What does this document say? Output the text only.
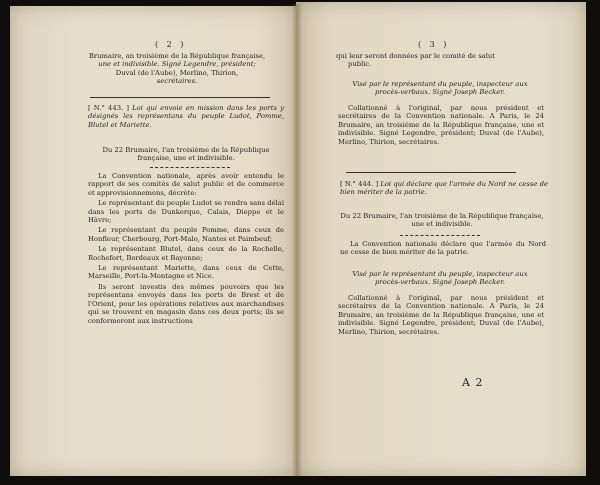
( 2 )
Brumaire, an troisième de la République française,
une et indivisible. Signé Legendre, président;
Duval (de l'Aube), Merlino, Thirion,
secrétaires.
[ N.° 443. ] Loi qui envoie en mission dans les ports y désignés les représentans du peuple Ludot, Pomme, Blutel et Mariette.
Du 22 Brumaire, l'an troisième de la République française, une et indivisible.

La Convention nationale, après avoir entendu le rapport de ses comités de salut public et de commerce et approvisionnemens, décrète:

Le représentant du peuple Ludot se rendra sans délai dans les ports de Dunkerque, Calais, Dieppe et le Hâvre;

Le représentant du peuple Pomme, dans ceux de Honfleur, Cherbourg, Port-Malo, Nantes et Paimbeuf;

Le représentant Blutel, dans ceux de la Rochelle, Rochefort, Bordeaux et Bayonne;

Le représentant Mariette, dans ceux de Cette, Marseille, Port-la-Montagne et Nice.

Ils seront investis des mêmes pouvoirs que les représentans envoyés dans les ports de Brest et de l'Orient, pour les opérations relatives aux marchandises qui se trouvent en magasin dans ces deux ports; ils se conformeront aux instructions

( 3 )
qui leur seront données par le comité de salut
public.
Visé par le représentant du peuple, inspecteur aux procès-verbaux. Signé Joseph Becker.
Collationné à l'original, par nous président et secrétaires de la Convention nationale. A Paris, le 24 Brumaire, an troisième de la République française, une et indivisible. Signé Legendre, président; Duval (de l'Aube), Merlino, Thirion, secrétaires.
[ N.° 444. ] Loi qui déclare que l'armée du Nord ne cesse de bien mériter de la patrie.
Du 22 Brumaire, l'an troisième de la République française, une et indivisible.
La Convention nationale déclare que l'armée du Nord ne cesse de bien mériter de la patrie.
Visé par le représentant du peuple, inspecteur aux procès-verbaux. Signé Joseph Becker.
Collationné à l'original, par nous président et secrétaires de la Convention nationale. A Paris, le 24 Brumaire, an troisième de la République française, une et indivisible. Signé Legendre, président; Duval (de l'Aube), Merlino, Thirion, secrétaires.
A 2
